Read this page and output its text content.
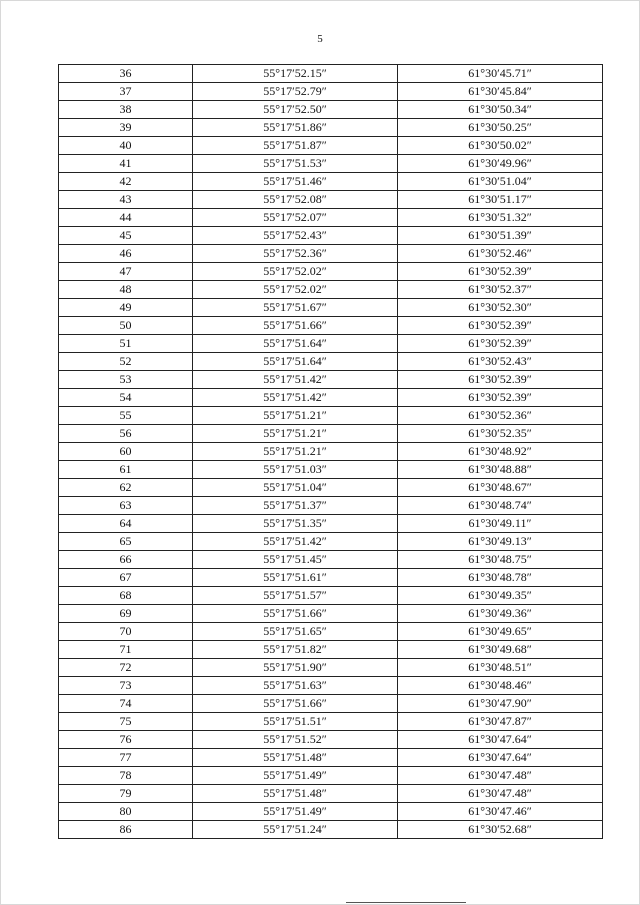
5
36	55°17′52.15″	61°30′45.71″
37	55°17′52.79″	61°30′45.84″
38	55°17′52.50″	61°30′50.34″
39	55°17′51.86″	61°30′50.25″
40	55°17′51.87″	61°30′50.02″
41	55°17′51.53″	61°30′49.96″
42	55°17′51.46″	61°30′51.04″
43	55°17′52.08″	61°30′51.17″
44	55°17′52.07″	61°30′51.32″
45	55°17′52.43″	61°30′51.39″
46	55°17′52.36″	61°30′52.46″
47	55°17′52.02″	61°30′52.39″
48	55°17′52.02″	61°30′52.37″
49	55°17′51.67″	61°30′52.30″
50	55°17′51.66″	61°30′52.39″
51	55°17′51.64″	61°30′52.39″
52	55°17′51.64″	61°30′52.43″
53	55°17′51.42″	61°30′52.39″
54	55°17′51.42″	61°30′52.39″
55	55°17′51.21″	61°30′52.36″
56	55°17′51.21″	61°30′52.35″
60	55°17′51.21″	61°30′48.92″
61	55°17′51.03″	61°30′48.88″
62	55°17′51.04″	61°30′48.67″
63	55°17′51.37″	61°30′48.74″
64	55°17′51.35″	61°30′49.11″
65	55°17′51.42″	61°30′49.13″
66	55°17′51.45″	61°30′48.75″
67	55°17′51.61″	61°30′48.78″
68	55°17′51.57″	61°30′49.35″
69	55°17′51.66″	61°30′49.36″
70	55°17′51.65″	61°30′49.65″
71	55°17′51.82″	61°30′49.68″
72	55°17′51.90″	61°30′48.51″
73	55°17′51.63″	61°30′48.46″
74	55°17′51.66″	61°30′47.90″
75	55°17′51.51″	61°30′47.87″
76	55°17′51.52″	61°30′47.64″
77	55°17′51.48″	61°30′47.64″
78	55°17′51.49″	61°30′47.48″
79	55°17′51.48″	61°30′47.48″
80	55°17′51.49″	61°30′47.46″
86	55°17′51.24″	61°30′52.68″
